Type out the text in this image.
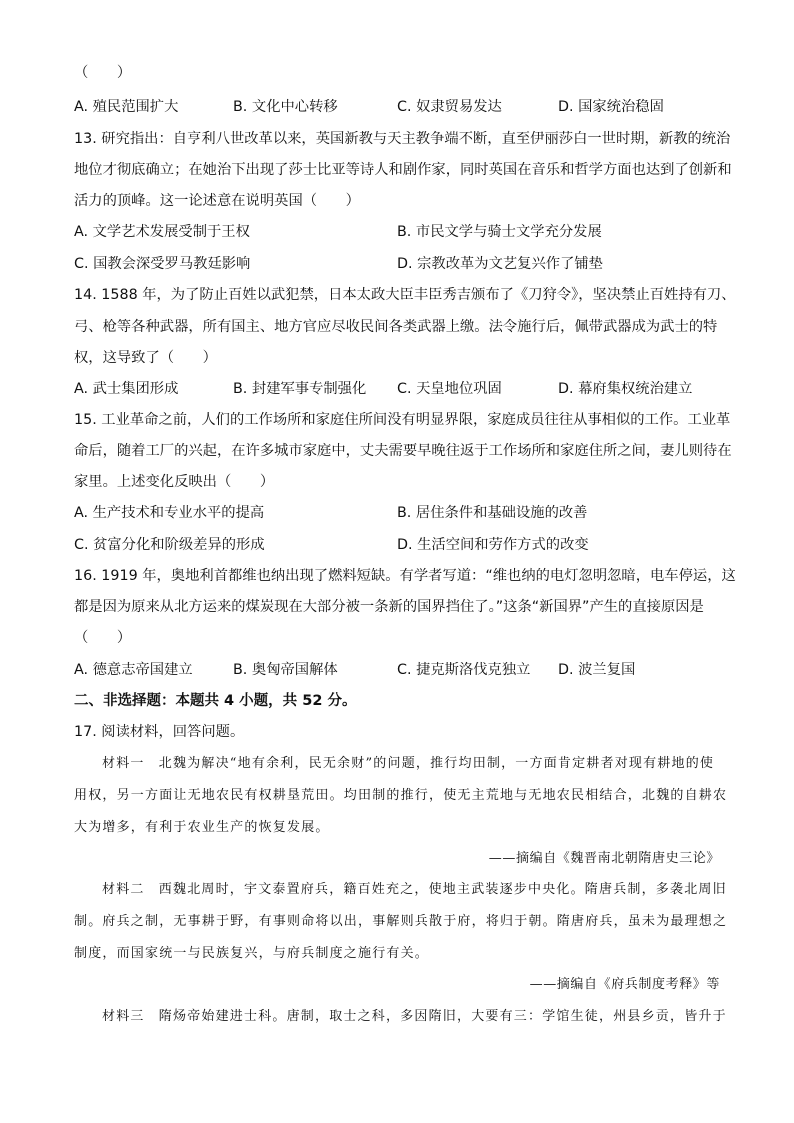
（　　）
A. 殖民范围扩大	B. 文化中心转移	C. 奴隶贸易发达	D. 国家统治稳固
13. 研究指出：自亨利八世改革以来，英国新教与天主教争端不断，直至伊丽莎白一世时期，新教的统治
地位才彻底确立；在她治下出现了莎士比亚等诗人和剧作家，同时英国在音乐和哲学方面也达到了创新和
活力的顶峰。这一论述意在说明英国（　　）
A. 文学艺术发展受制于王权	B. 市民文学与骑士文学充分发展
C. 国教会深受罗马教廷影响	D. 宗教改革为文艺复兴作了铺垫
14. 1588 年，为了防止百姓以武犯禁，日本太政大臣丰臣秀吉颁布了《刀狩令》，坚决禁止百姓持有刀、
弓、枪等各种武器，所有国主、地方官应尽收民间各类武器上缴。法令施行后，佩带武器成为武士的特
权，这导致了（　　）
A. 武士集团形成	B. 封建军事专制强化 C. 天皇地位巩固	D. 幕府集权统治建立
15. 工业革命之前，人们的工作场所和家庭住所间没有明显界限，家庭成员往往从事相似的工作。工业革
命后，随着工厂的兴起，在许多城市家庭中，丈夫需要早晚往返于工作场所和家庭住所之间，妻儿则待在
家里。上述变化反映出（　　）
A. 生产技术和专业水平的提高	B. 居住条件和基础设施的改善
C. 贫富分化和阶级差异的形成	D. 生活空间和劳作方式的改变
16. 1919 年，奥地利首都维也纳出现了燃料短缺。有学者写道：“维也纳的电灯忽明忽暗，电车停运，这
都是因为原来从北方运来的煤炭现在大部分被一条新的国界挡住了。”这条“新国界”产生的直接原因是
（　　）
A. 德意志帝国建立	B. 奥匈帝国解体	C. 捷克斯洛伐克独立 D. 波兰复国
二、非选择题：本题共 4 小题，共 52 分。
17. 阅读材料，回答问题。
材料一　北魏为解决“地有余利，民无余财”的问题，推行均田制，一方面肯定耕者对现有耕地的使
用权，另一方面让无地农民有权耕垦荒田。均田制的推行，使无主荒地与无地农民相结合，北魏的自耕农
大为增多，有利于农业生产的恢复发展。
——摘编自《魏晋南北朝隋唐史三论》
材料二　西魏北周时，宇文泰置府兵，籍百姓充之，使地主武装逐步中央化。隋唐兵制，多袭北周旧
制。府兵之制，无事耕于野，有事则命将以出，事解则兵散于府，将归于朝。隋唐府兵，虽未为最理想之
制度，而国家统一与民族复兴，与府兵制度之施行有关。
——摘编自《府兵制度考释》等
材料三　隋炀帝始建进士科。唐制，取士之科，多因隋旧，大要有三：学馆生徒，州县乡贡，皆升于
